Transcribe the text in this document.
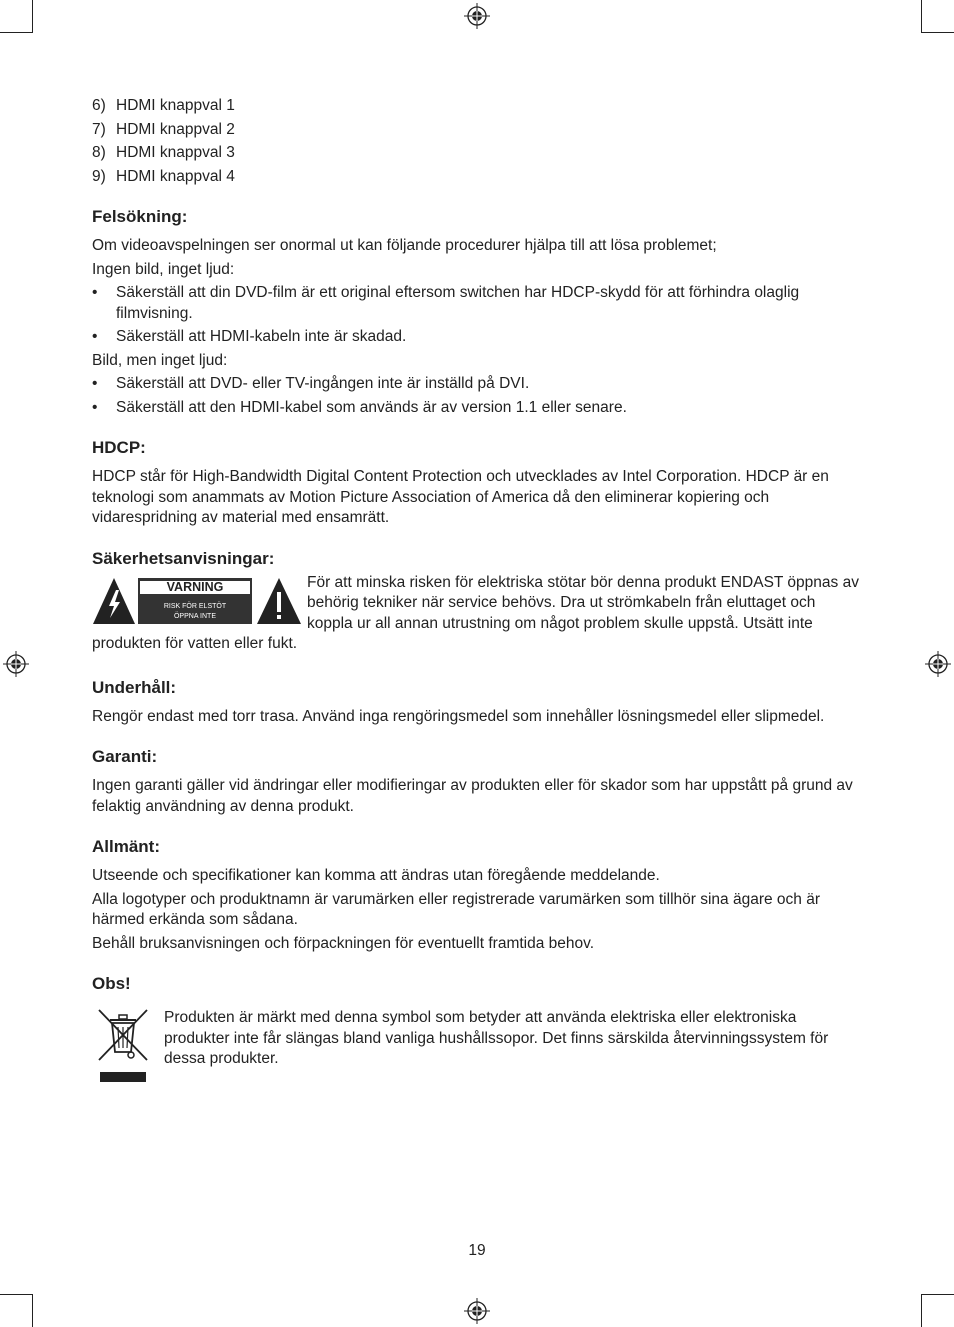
6) HDMI knappval 1
7) HDMI knappval 2
8) HDMI knappval 3
9) HDMI knappval 4
Felsökning:

Om videoavspelningen ser onormal ut kan följande procedurer hjälpa till att lösa problemet;

Ingen bild, inget ljud:

• Säkerställ att din DVD-film är ett original eftersom switchen har HDCP-skydd för att förhindra olaglig filmvisning.
• Säkerställ att HDMI-kabeln inte är skadad.

Bild, men inget ljud:

• Säkerställ att DVD- eller TV-ingången inte är inställd på DVI.
• Säkerställ att den HDMI-kabel som används är av version 1.1 eller senare.
HDCP:

HDCP står för High-Bandwidth Digital Content Protection och utvecklades av Intel Corporation. HDCP är en teknologi som anammats av Motion Picture Association of America då den eliminerar kopiering och vidarespridning av material med ensamrätt.

Säkerhetsanvisningar:
VARNING
RISK FÖR ELSTÖT
ÖPPNA INTE

För att minska risken för elektriska stötar bör denna produkt ENDAST öppnas av behörig tekniker när service behövs. Dra ut strömkabeln från eluttaget och koppla ur all annan utrustning om något problem skulle uppstå. Utsätt inte produkten för vatten eller fukt.

Underhåll:

Rengör endast med torr trasa. Använd inga rengöringsmedel som innehåller lösningsmedel eller slipmedel.

Garanti:

Ingen garanti gäller vid ändringar eller modifieringar av produkten eller för skador som har uppstått på grund av felaktig användning av denna produkt.

Allmänt:

Utseende och specifikationer kan komma att ändras utan föregående meddelande.

Alla logotyper och produktnamn är varumärken eller registrerade varumärken som tillhör sina ägare och är härmed erkända som sådana.

Behåll bruksanvisningen och förpackningen för eventuellt framtida behov.

Obs!

Produkten är märkt med denna symbol som betyder att använda elektriska eller elektroniska produkter inte får slängas bland vanliga hushållssopor. Det finns särskilda återvinningssystem för dessa produkter.

19
